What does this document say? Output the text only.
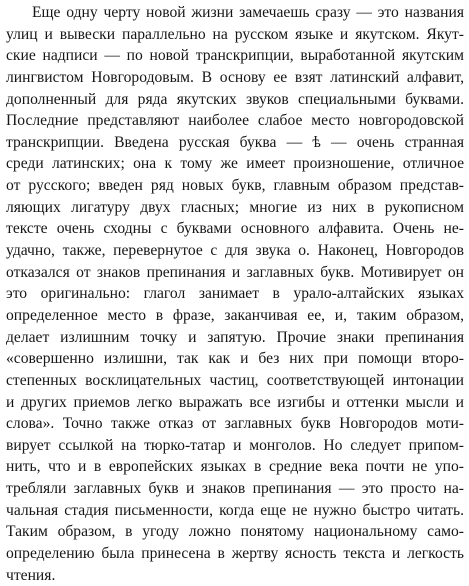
Еще одну черту новой жизни замечаешь сразу — это названия
улиц и вывески параллельно на русском языке и якутском. Якут-
ские надписи — по новой транскрипции, выработанной якутским
лингвистом Новгородовым. В основу ее взят латинский алфавит,
дополненный для ряда якутских звуков специальными буквами.
Последние представляют наиболее слабое место новгородовской
транскрипции. Введена русская буква — ѣ — очень странная
среди латинских; она к тому же имеет произношение, отличное
от русского; введен ряд новых букв, главным образом представ-
ляющих лигатуру двух гласных; многие из них в рукописном
тексте очень сходны с буквами основного алфавита. Очень не-
удачно, также, перевернутое с для звука о. Наконец, Новгородов
отказался от знаков препинания и заглавных букв. Мотивирует он
это оригинально: глагол занимает в урало-алтайских языках
определенное место в фразе, заканчивая ее, и, таким образом,
делает излишним точку и запятую. Прочие знаки препинания
«совершенно излишни, так как и без них при помощи второ-
степенных восклицательных частиц, соответствующей интонации
и других приемов легко выражать все изгибы и оттенки мысли и
слова». Точно также отказ от заглавных букв Новгородов моти-
вирует ссылкой на тюрко-татар и монголов. Но следует припом-
нить, что и в европейских языках в средние века почти не упо-
требляли заглавных букв и знаков препинания — это просто на-
чальная стадия письменности, когда еще не нужно быстро читать.
Таким образом, в угоду ложно понятому национальному само-
определению была принесена в жертву ясность текста и легкость
чтения.
